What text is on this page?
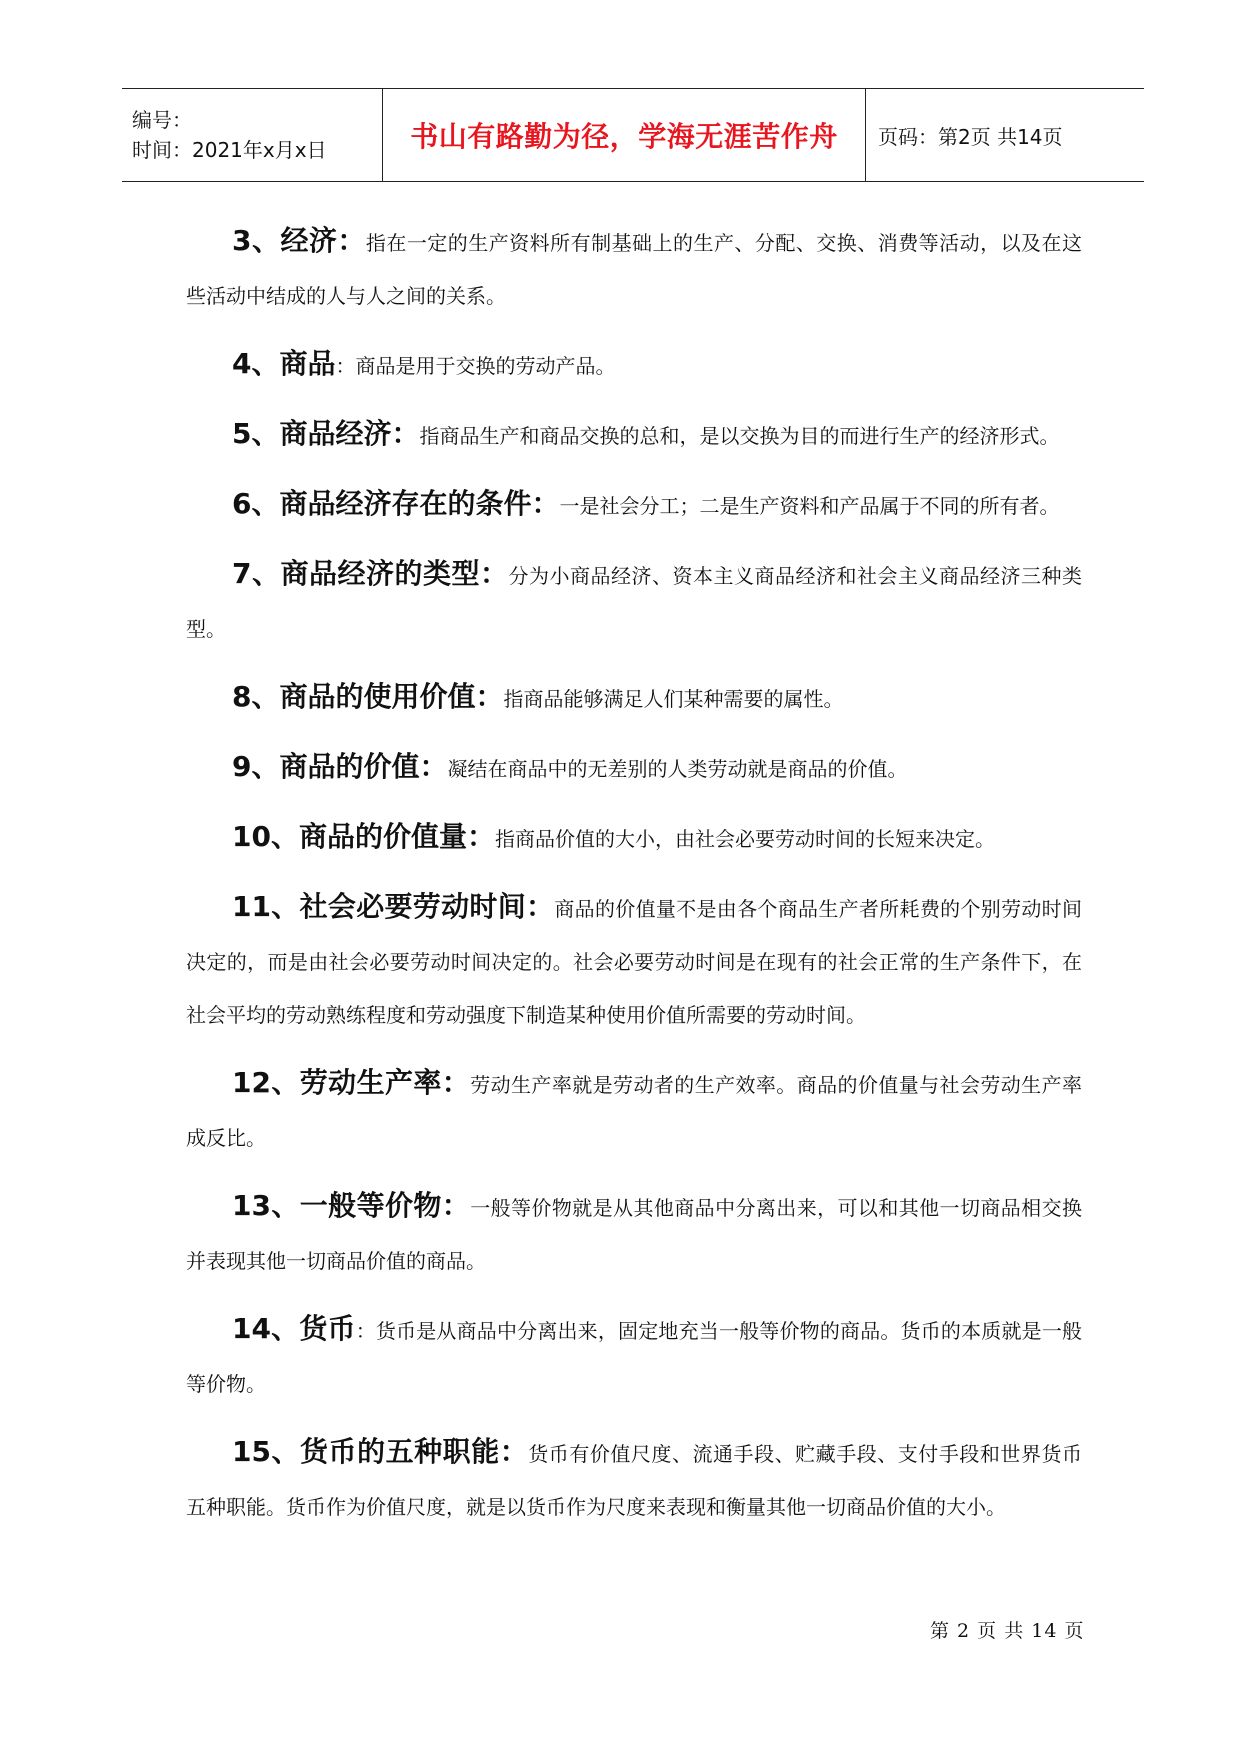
编号：
时间：2021年x月x日	书山有路勤为径，学海无涯苦作舟	页码：第2页 共14页

3、经济：指在一定的生产资料所有制基础上的生产、分配、交换、消费等活动，以及在这些活动中结成的人与人之间的关系。

4、商品：商品是用于交换的劳动产品。

5、商品经济：指商品生产和商品交换的总和，是以交换为目的而进行生产的经济形式。

6、商品经济存在的条件：一是社会分工；二是生产资料和产品属于不同的所有者。

7、商品经济的类型：分为小商品经济、资本主义商品经济和社会主义商品经济三种类型。

8、商品的使用价值：指商品能够满足人们某种需要的属性。

9、商品的价值：凝结在商品中的无差别的人类劳动就是商品的价值。

10、商品的价值量：指商品价值的大小，由社会必要劳动时间的长短来决定。

11、社会必要劳动时间：商品的价值量不是由各个商品生产者所耗费的个别劳动时间决定的，而是由社会必要劳动时间决定的。社会必要劳动时间是在现有的社会正常的生产条件下，在社会平均的劳动熟练程度和劳动强度下制造某种使用价值所需要的劳动时间。

12、劳动生产率：劳动生产率就是劳动者的生产效率。商品的价值量与社会劳动生产率成反比。

13、一般等价物：一般等价物就是从其他商品中分离出来，可以和其他一切商品相交换并表现其他一切商品价值的商品。

14、货币：货币是从商品中分离出来，固定地充当一般等价物的商品。货币的本质就是一般等价物。

15、货币的五种职能：货币有价值尺度、流通手段、贮藏手段、支付手段和世界货币五种职能。货币作为价值尺度，就是以货币作为尺度来表现和衡量其他一切商品价值的大小。

第 2 页 共 14 页
